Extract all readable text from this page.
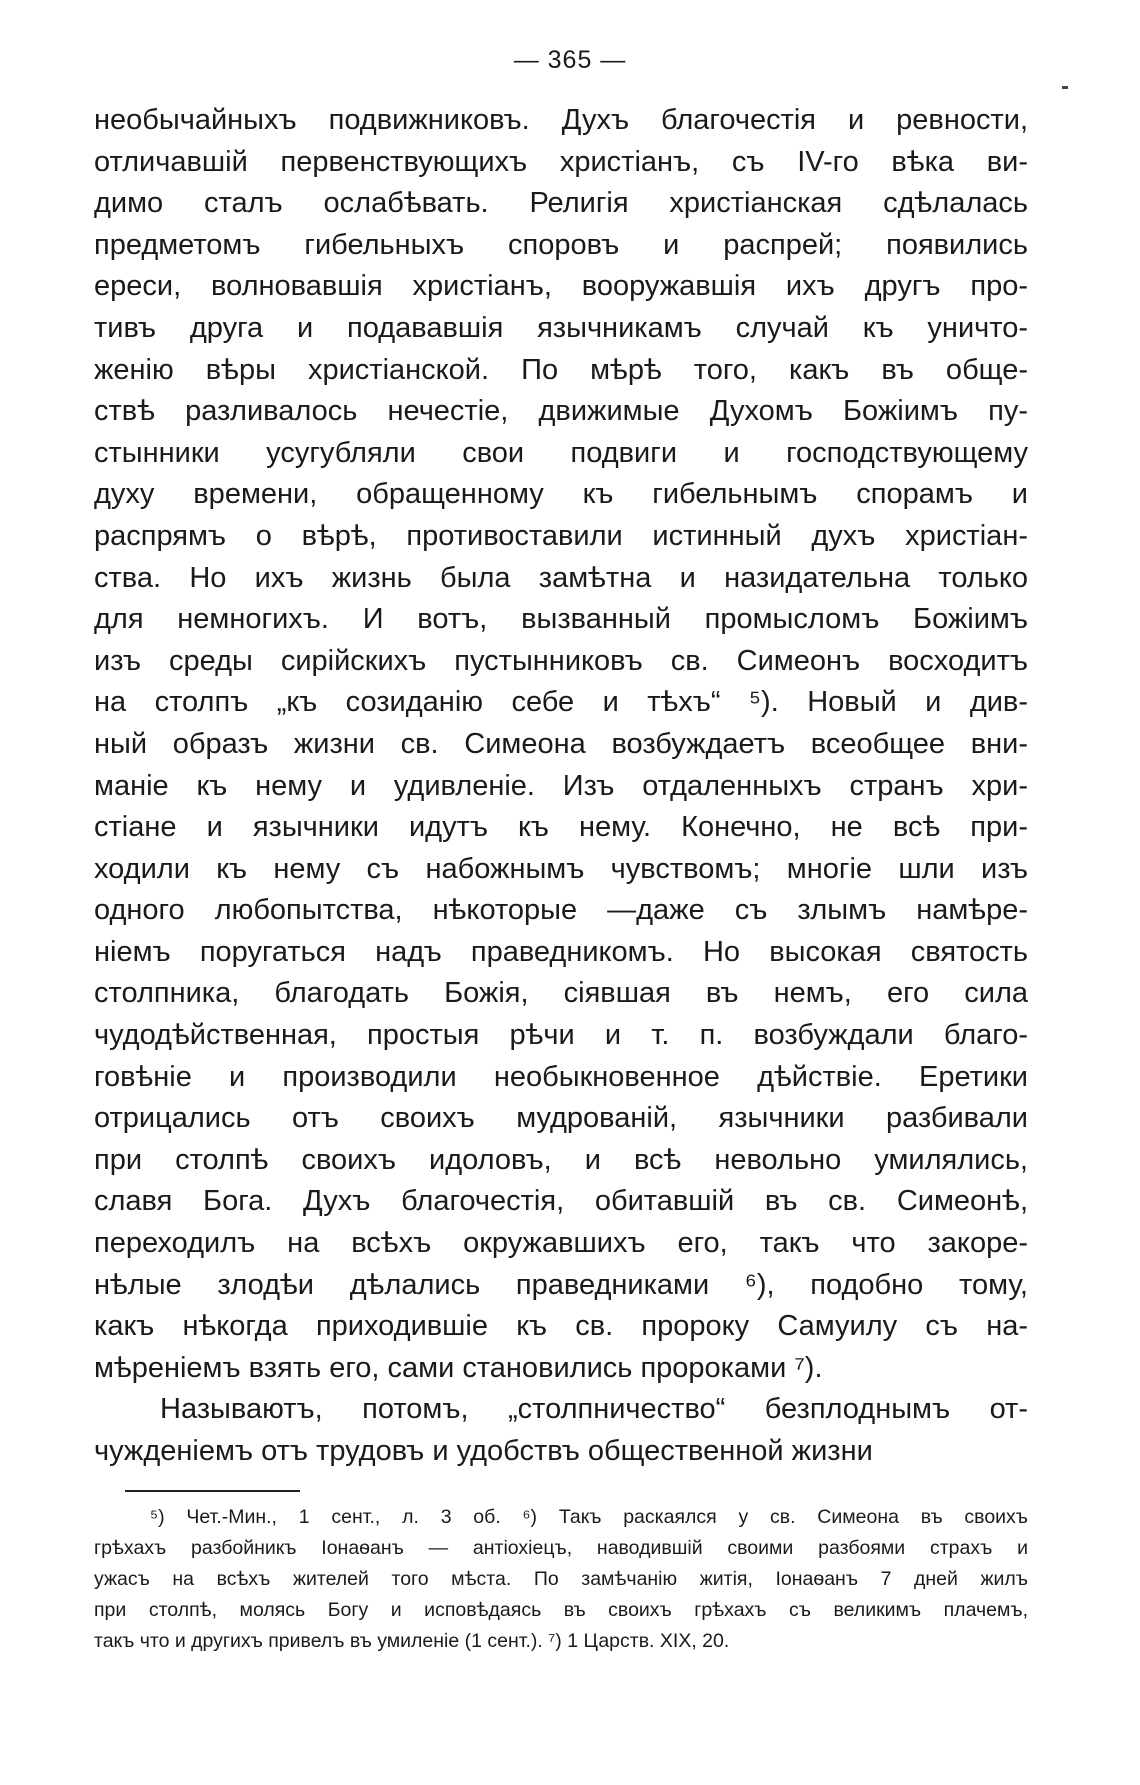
— 365 —
необычайныхъ подвижниковъ. Духъ благочестія и ревности,
отличавшій первенствующихъ христіанъ, съ IV-го вѣка ви-
димо сталъ ослабѣвать. Религія христіанская сдѣлалась
предметомъ гибельныхъ споровъ и распрей; появились
ереси, волновавшія христіанъ, вооружавшія ихъ другъ про-
тивъ друга и подававшія язычникамъ случай къ уничто-
женію вѣры христіанской. По мѣрѣ того, какъ въ обще-
ствѣ разливалось нечестіе, движимые Духомъ Божіимъ пу-
стынники усугубляли свои подвиги и господствующему
духу времени, обращенному къ гибельнымъ спорамъ и
распрямъ о вѣрѣ, противоставили истинный духъ христіан-
ства. Но ихъ жизнь была замѣтна и назидательна только
для немногихъ. И вотъ, вызванный промысломъ Божіимъ
изъ среды сирійскихъ пустынниковъ св. Симеонъ восходитъ
на столпъ „къ созиданію себе и тѣхъ“ ⁵). Новый и див-
ный образъ жизни св. Симеона возбуждаетъ всеобщее вни-
маніе къ нему и удивленіе. Изъ отдаленныхъ странъ хри-
стіане и язычники идутъ къ нему. Конечно, не всѣ при-
ходили къ нему съ набожнымъ чувствомъ; многіе шли изъ
одного любопытства, нѣкоторые —даже съ злымъ намѣре-
ніемъ поругаться надъ праведникомъ. Но высокая святость
столпника, благодать Божія, сіявшая въ немъ, его сила
чудодѣйственная, простыя рѣчи и т. п. возбуждали благо-
говѣніе и производили необыкновенное дѣйствіе. Еретики
отрицались отъ своихъ мудрованій, язычники разбивали
при столпѣ своихъ идоловъ, и всѣ невольно умилялись,
славя Бога. Духъ благочестія, обитавшій въ св. Симеонѣ,
переходилъ на всѣхъ окружавшихъ его, такъ что закоре-
нѣлые злодѣи дѣлались праведниками ⁶), подобно тому,
какъ нѣкогда приходившіе къ св. пророку Самуилу съ на-
мѣреніемъ взять его, сами становились пророками ⁷).
Называютъ, потомъ, „столпничество“ безплоднымъ от-
чужденіемъ отъ трудовъ и удобствъ общественной жизни
⁵) Чет.-Мин., 1 сент., л. 3 об. ⁶) Такъ раскаялся у св. Симеона въ своихъ
грѣхахъ разбойникъ Іонаѳанъ — антіохіецъ, наводившій своими разбоями страхъ и
ужасъ на всѣхъ жителей того мѣста. По замѣчанію житія, Іонаѳанъ 7 дней жилъ
при столпѣ, молясь Богу и исповѣдаясь въ своихъ грѣхахъ съ великимъ плачемъ,
такъ что и другихъ привелъ въ умиленіе (1 сент.). ⁷) 1 Царств. XIX, 20.
